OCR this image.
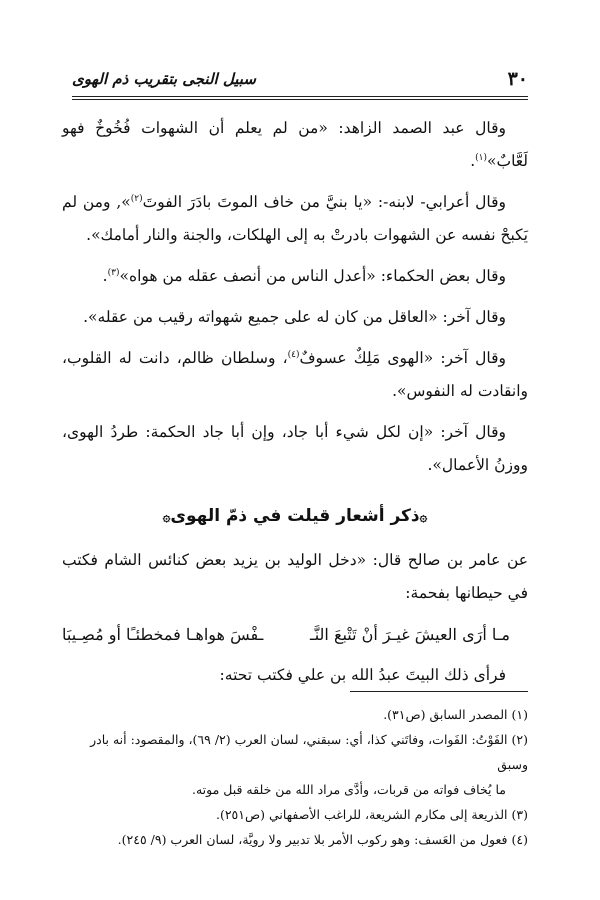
٣٠
سبيل النجى بتقريب ذم الهوى

وقال عبد الصمد الزاهد: «من لم يعلم أن الشهوات فُخُوخٌ فهو لَعَّابٌ»$^{(١)}$.

وقال أعرابي- لابنه-: «يا بنيَّ من خاف الموتَ بادَرَ الفوتَ$^{(٢)}$», ومن لم يَكبحْ نفسه عن الشهوات بادرتْ به إلى الهلكات، والجنة والنار أمامك».

وقال بعض الحكماء: «أعدل الناس من أنصف عقله من هواه»$^{(٣)}$.

وقال آخر: «العاقل من كان له على جميع شهواته رقيب من عقله».

وقال آخر: «الهوى مَلِكٌ عسوفٌ$^{(٤)}$، وسلطان ظالم، دانت له القلوب، وانقادت له النفوس».

وقال آخر: «إن لكل شيء أبا جاد، وإن أبا جاد الحكمة: طردُ الهوى، ووزنُ الأعمال».

۞ذكر أشعار قيلت في ذمّ الهوى۞

عن عامر بن صالح قال: «دخل الوليد بن يزيد بعض كنائس الشام فكتب في حيطانها بفحمة:

مـا أرَى العيشَ غيـرَ أنْ تَتْبعَ النَّـ
ـفْسَ هواهـا فمخطئـًا أو مُصِـيبَا

فرأى ذلك البيتَ عبدُ الله بن علي فكتب تحته:

(١) المصدر السابق (ص٣١).

(٢) الفَوْتُ: الفَوات، وفاتَني كذا، أي: سبقني، لسان العرب (٢/ ٦٩)، والمقصود: أنه بادر وسبق

ما يُخاف فواته من قربات، وأدَّى مراد الله من خلقه قبل موته.

(٣) الذريعة إلى مكارم الشريعة، للراغب الأصفهاني (ص٢٥١).

(٤) فعول من العَسف: وهو ركوب الأمر بلا تدبير ولا رويَّة، لسان العرب (٩/ ٢٤٥).
